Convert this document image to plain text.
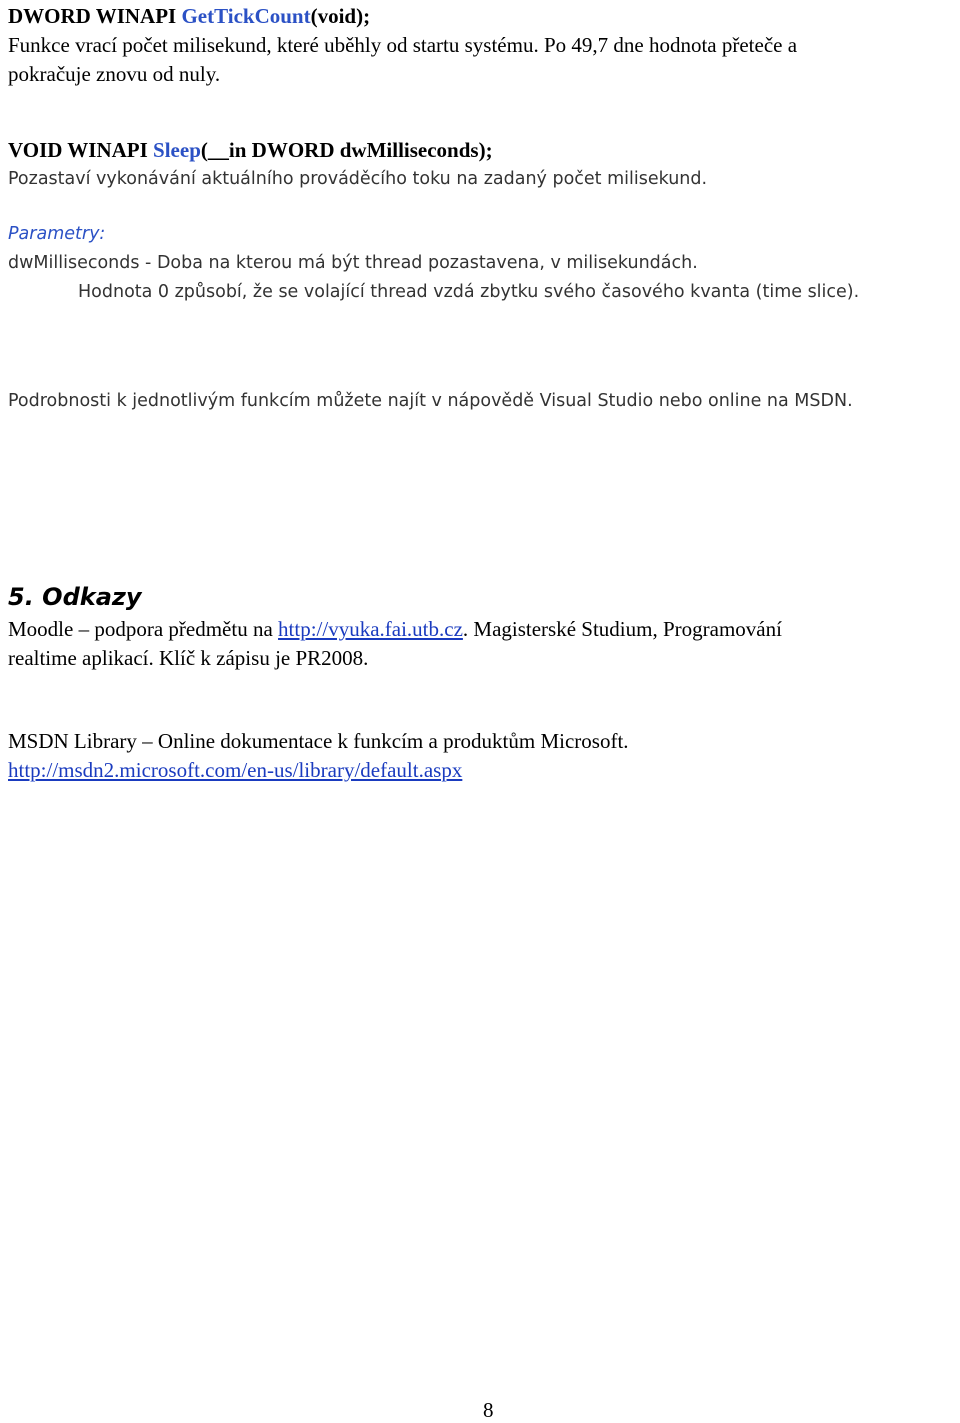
DWORD WINAPI GetTickCount(void);
Funkce vrací počet milisekund, které uběhly od startu systému. Po 49,7 dne hodnota přeteče a
pokračuje znovu od nuly.
VOID WINAPI Sleep(__in DWORD dwMilliseconds);
Pozastaví vykonávání aktuálního prováděcího toku na zadaný počet milisekund.
Parametry:
dwMilliseconds - Doba na kterou má být thread pozastavena, v milisekundách.
Hodnota 0 způsobí, že se volající thread vzdá zbytku svého časového kvanta (time slice).
Podrobnosti k jednotlivým funkcím můžete najít v nápovědě Visual Studio nebo online na MSDN.
5. Odkazy
Moodle – podpora předmětu na http://vyuka.fai.utb.cz. Magisterské Studium, Programování
realtime aplikací. Klíč k zápisu je PR2008.
MSDN Library – Online dokumentace k funkcím a produktům Microsoft.
http://msdn2.microsoft.com/en-us/library/default.aspx
8
